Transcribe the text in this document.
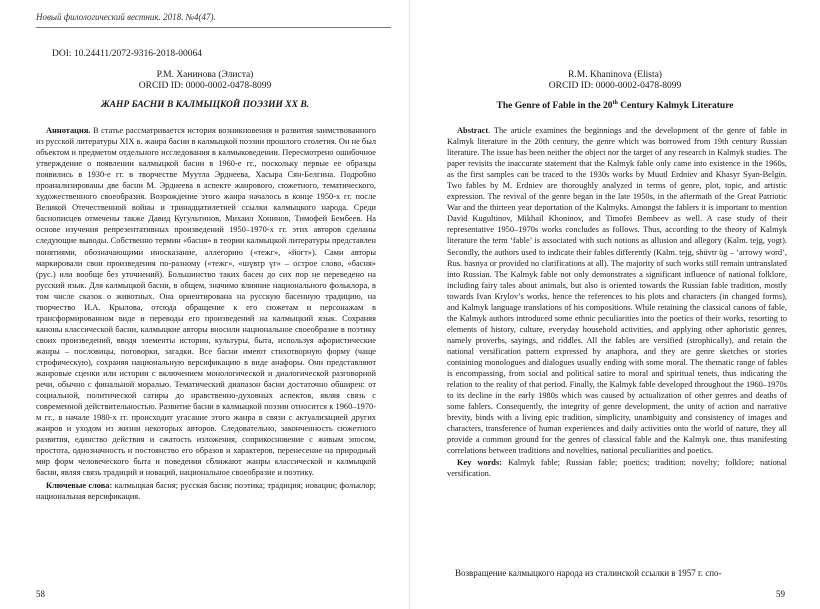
Новый филологический вестник. 2018. №4(47).
DOI: 10.24411/2072-9316-2018-00064
Р.М. Ханинова (Элиста)
ORCID ID: 0000-0002-0478-8099
ЖАНР БАСНИ В КАЛМЫЦКОЙ ПОЭЗИИ XX В.

Аннотация. В статье рассматривается история возникновения и развития заимствованного из русской литературы XIX в. жанра басни в калмыцкой поэзии прошлого столетия. Он не был объектом и предметом отдельного исследования в калмыковедении. Пересмотрено ошибочное утверждение о появлении калмыцкой басни в 1960-е гг., поскольку первые ее образцы появились в 1930-е гг. в творчестве Муутла Эрднеева, Хасыра Сян-Белгина. Подробно проанализированы две басни М. Эрднеева в аспекте жанрового, сюжетного, тематического, художественного своеобразия. Возрождение этого жанра началось в конце 1950-х гг. после Великой Отечественной войны и тринадцатилетней ссылки калмыцкого народа. Среди баснописцев отмечены также Давид Кугультинов, Михаил Хонинов, Тимофей Бембеев. На основе изучения репрезентативных произведений 1950–1970-х гг. этих авторов сделаны следующие выводы. Собственно термин «басня» в теории калмыцкой литературы представлен понятиями, обозначающими иносказание, аллегорию («тежг», «йогт»). Сами авторы маркировали свои произведения по-разному («тежг», «шүвтр үг» – острое слово, «басня» (рус.) или вообще без уточнений). Большинство таких басен до сих пор не переведено на русский язык. Для калмыцкой басни, в общем, значимо влияние национального фольклора, в том числе сказок о животных. Она ориентирована на русскую басенную традицию, на творчество И.А. Крылова, отсюда обращение к его сюжетам и персонажам в трансформированном виде и переводы его произведений на калмыцкий язык. Сохраняя каноны классической басни, калмыцкие авторы вносили национальное своеобразие в поэтику своих произведений, вводя элементы истории, культуры, быта, используя афористические жанры – пословицы, поговорки, загадки. Все басни имеют стихотворную форму (чаще строфическую), сохраняя национальную версификацию в виде анафоры. Они представляют жанровые сценки или истории с включением монологической и диалогической разговорной речи, обычно с финальной моралью. Тематический диапазон басни достаточно обширен: от социальной, политической сатиры до нравственно-духовных аспектов, являя связь с современной действительностью. Развитие басни в калмыцкой поэзии относится к 1960–1970-м гг., в начале 1980-х гг. происходит угасание этого жанра в связи с актуализацией других жанров и уходом из жизни некоторых авторов. Следовательно, законченность сюжетного развития, единство действия и сжатость изложения, соприкосновение с живым эпосом, простота, однозначность и постоянство его образов и характеров, перенесение на природный мир форм человеческого быта и поведения сближают жанры классической и калмыцкой басни, являя связь традиций и новаций, национальное своеобразие и поэтику.

Ключевые слова: калмыцкая басня; русская басня; поэтика; традиция; новации; фольклор; национальная версификация.

58
R.M. Khaninova (Elista)
ORCID ID: 0000-0002-0478-8099
The Genre of Fable in the 20th Century Kalmyk Literature

Abstract. The article examines the beginnings and the development of the genre of fable in Kalmyk literature in the 20th century, the genre which was borrowed from 19th century Russian literature. The issue has been neither the object nor the target of any research in Kalmyk studies. The paper revisits the inaccurate statement that the Kalmyk fable only came into existence in the 1960s, as the first samples can be traced to the 1930s works by Muutl Erdniev and Khasyr Syan-Belgin. Two fables by M. Erdniev are thoroughly analyzed in terms of genre, plot, topic, and artistic expression. The revival of the genre began in the late 1950s, in the aftermath of the Great Patriotic War and the thirteen year deportation of the Kalmyks. Amongst the fablers it is important to mention David Kugultinov, Mikhail Khoninov, and Timofei Bembeev as well. A case study of their representative 1950–1970s works concludes as follows. Thus, according to the theory of Kalmyk literature the term ‘fable’ is associated with such notions as allusion and allegory (Kalm. tejg, yogt). Secondly, the authors used to indicate their fables differently (Kalm. tejg, shüvtr üg – ‘arrowy word’, Rus. basnya or provided no clarifications at all). The majority of such works still remain untranslated into Russian. The Kalmyk fable not only demonstrates a significant influence of national folklore, including fairy tales about animals, but also is oriented towards the Russian fable tradition, mostly towards Ivan Krylov’s works, hence the references to his plots and characters (in changed forms), and Kalmyk language translations of his compositions. While retaining the classical canons of fable, the Kalmyk authors introduced some ethnic peculiarities into the poetics of their works, resorting to elements of history, culture, everyday household activities, and applying other aphoristic genres, namely proverbs, sayings, and riddles. All the fables are versified (strophically), and retain the national versification pattern expressed by anaphora, and they are genre sketches or stories containing monologues and dialogues usually ending with some moral. The thematic range of fables is encompassing, from social and political satire to moral and spiritual tenets, thus indicating the relation to the reality of that period. Finally, the Kalmyk fable developed throughout the 1960–1970s to its decline in the early 1980s which was caused by actualization of other genres and deaths of some fablers. Consequently, the integrity of genre development, the unity of action and narrative brevity, binds with a living epic tradition, simplicity, unambiguity and consistency of images and characters, transference of human experiences and daily activities onto the world of nature, they all provide a common ground for the genres of classical fable and the Kalmyk one, thus manifesting correlations between traditions and novelties, national peculiarities and poetics.

Key words: Kalmyk fable; Russian fable; poetics; tradition; novelty; folklore; national versification.

Возвращение калмыцкого народа из сталинской ссылки в 1957 г. спо-
59
